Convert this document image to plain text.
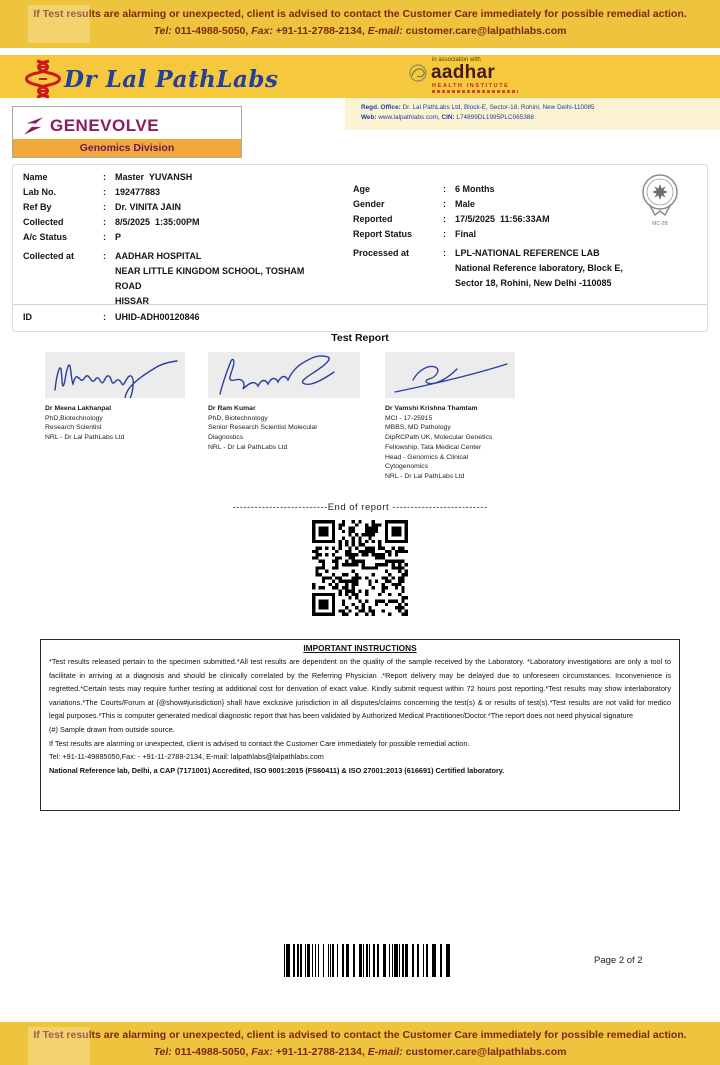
If Test results are alarming or unexpected, client is advised to contact the Customer Care immediately for possible remedial action.
Tel: 011-4988-5050, Fax: +91-11-2788-2134, E-mail: customer.care@lalpathlabs.com
Dr Lal PathLabs
in association with
aadhar
HEALTH INSTITUTE
Regd. Office: Dr. Lal PathLabs Ltd, Block-E, Sector-18, Rohini, New Delhi-110085
Web: www.lalpathlabs.com, CIN: L74899DL1995PLC065388
GENEVOLVE
Genomics Division
Name	:	Master  YUVANSH
Lab No.	:	192477883
Ref By	:	Dr. VINITA JAIN
Collected	:	8/5/2025  1:35:00PM
A/c Status	:	P
Collected at	:	AADHAR HOSPITAL
NEAR LITTLE KINGDOM SCHOOL, TOSHAM
ROAD
HISSAR
Age	:	6 Months
Gender	:	Male
Reported	:	17/5/2025  11:56:33AM
Report Status	:	Final
Processed at	:	LPL-NATIONAL REFERENCE LAB
National Reference laboratory, Block E,
Sector 18, Rohini, New Delhi -110085
MC-2B
ID	:	UHID-ADH00120846
Test Report
Dr Meena Lakhanpal
PhD,Biotechnology
Research Scientist
NRL - Dr Lal PathLabs Ltd
Dr Ram Kumar
PhD, Biotechnology
Senior Research Scientist Molecular
Diagnostics
NRL - Dr Lal PathLabs Ltd
Dr Vamshi Krishna Thamtam
MCI - 17-25915
MBBS, MD Pathology
DipRCPath UK, Molecular Genetics
Fellowship, Tata Medical Center
Head - Genomics & Clinical
Cytogenomics
NRL - Dr Lal PathLabs Ltd
--------------------------End of report --------------------------
IMPORTANT INSTRUCTIONS
*Test results released pertain to the specimen submitted.*All test results are dependent on the quality of the sample received by the Laboratory. *Laboratory investigations are only a tool to facilitate in arriving at a diagnosis and should be clinically correlated by the Referring Physician .*Report delivery may be delayed due to unforeseen circumstances. Inconvenience is regretted.*Certain tests may require further testing at additional cost for derivation of exact value. Kindly submit request within 72 hours post reporting.*Test results may show interlaboratory variations.*The Courts/Forum at {@show#jurisdiction} shall have exclusive jurisdiction in all disputes/claims concerning the test(s) & or results of test(s).*Test results are not valid for medico legal purposes.*This is computer generated medical diagnostic report that has been validated by Authorized Medical Practitioner/Doctor.*The report does not need physical signature
(#) Sample drawn from outside source.
If Test results are alarming or unexpected, client is advised to contact the Customer Care immediately for possible remedial action.
Tel: +91-11-49885050,Fax: - +91-11-2788-2134, E-mail: lalpathlabs@lalpathlabs.com
National Reference lab, Delhi, a CAP (7171001) Accredited, ISO 9001:2015 (FS60411) & ISO 27001:2013 (616691) Certified laboratory.
Page 2 of 2
If Test results are alarming or unexpected, client is advised to contact the Customer Care immediately for possible remedial action.
Tel: 011-4988-5050, Fax: +91-11-2788-2134, E-mail: customer.care@lalpathlabs.com
